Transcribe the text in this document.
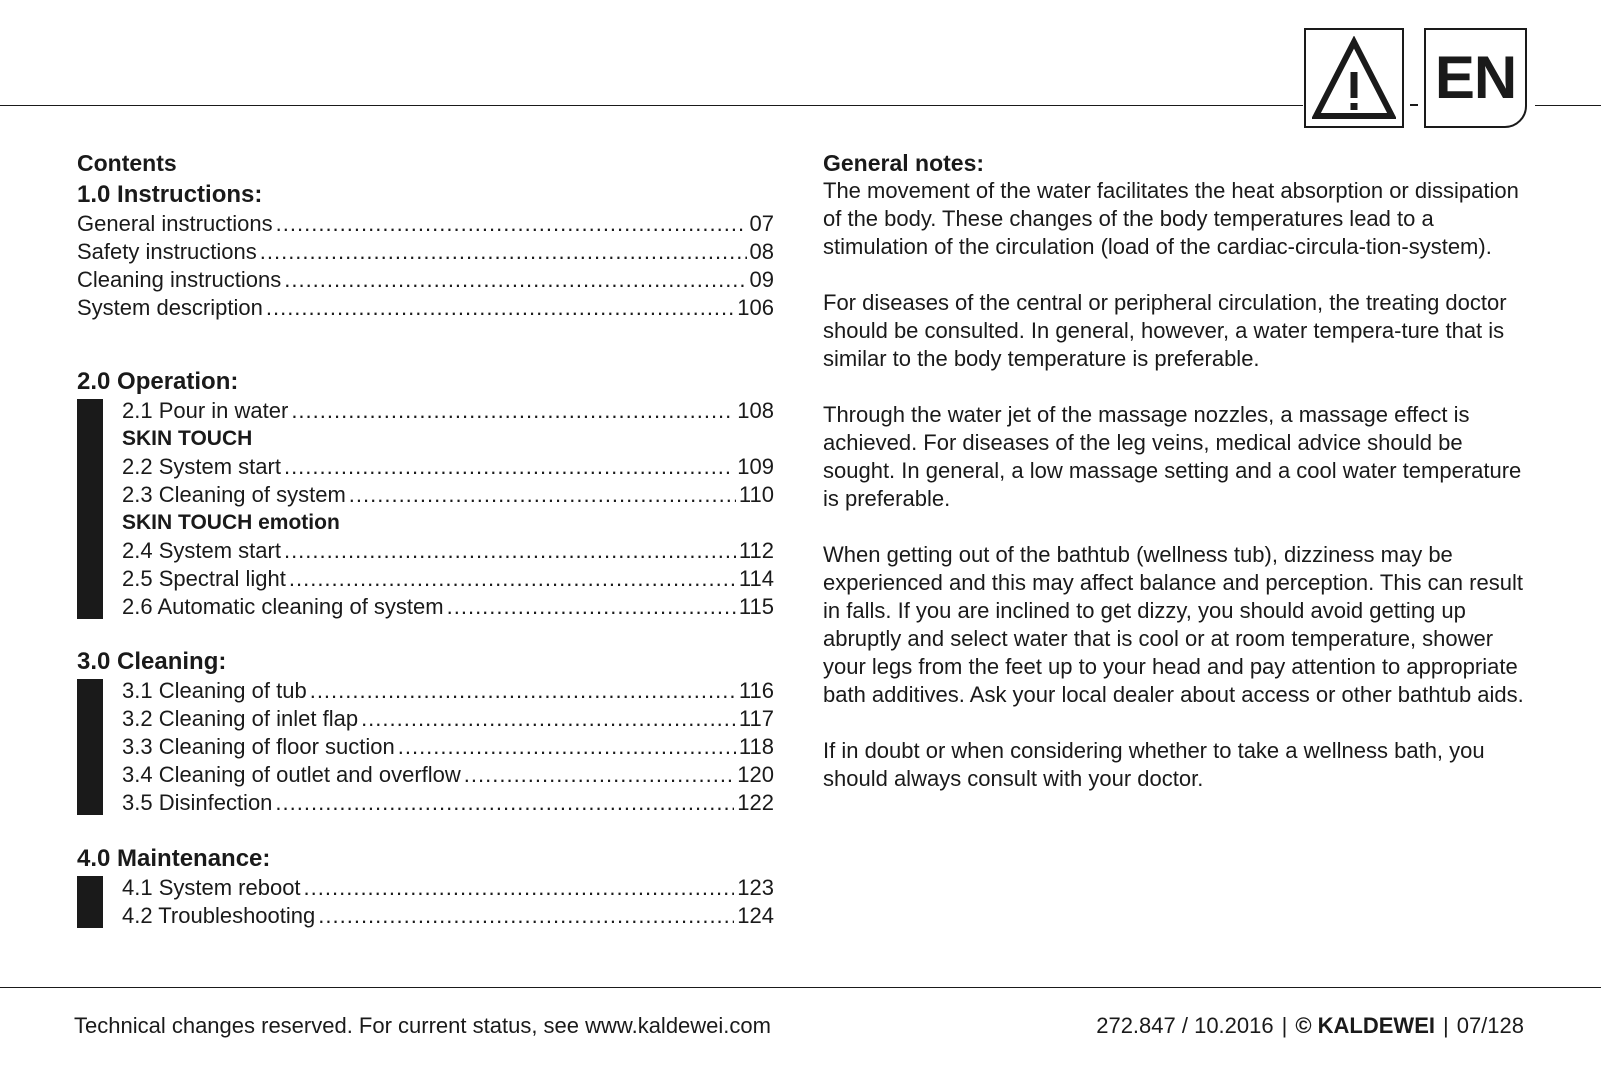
EN
Contents
1.0 Instructions:
General instructions .....	07
Safety instructions .....	08
Cleaning instructions .....	09
System description .....	106
2.0 Operation:
2.1 Pour in water .....	108
SKIN TOUCH
2.2 System start .....	109
2.3 Cleaning of system .....	110
SKIN TOUCH emotion
2.4 System start .....	112
2.5 Spectral light .....	114
2.6 Automatic cleaning of system .....	115
3.0 Cleaning:
3.1 Cleaning of tub .....	116
3.2 Cleaning of inlet flap .....	117
3.3 Cleaning of floor suction .....	118
3.4 Cleaning of outlet and overflow .....	120
3.5 Disinfection .....	122
4.0 Maintenance:
4.1 System reboot .....	123
4.2 Troubleshooting .....	124
General notes:

The movement of the water facilitates the heat absorption or dissipation of the body. These changes of the body temperatures lead to a stimulation of the circulation (load of the cardiac-circula-tion-system).

For diseases of the central or peripheral circulation, the treating doctor should be consulted. In general, however, a water tempera-ture that is similar to the body temperature is preferable.

Through the water jet of the massage nozzles, a massage effect is achieved. For diseases of the leg veins, medical advice should be sought. In general, a low massage setting and a cool water temperature is preferable.

When getting out of the bathtub (wellness tub), dizziness may be experienced and this may affect balance and perception. This can result in falls. If you are inclined to get dizzy, you should avoid getting up abruptly and select water that is cool or at room temperature, shower your legs from the feet up to your head and pay attention to appropriate bath additives. Ask your local dealer about access or other bathtub aids.

If in doubt or when considering whether to take a wellness bath, you should always consult with your doctor.

Technical changes reserved. For current status, see www.kaldewei.com	272.847 / 10.2016 | © KALDEWEI | 07/128
